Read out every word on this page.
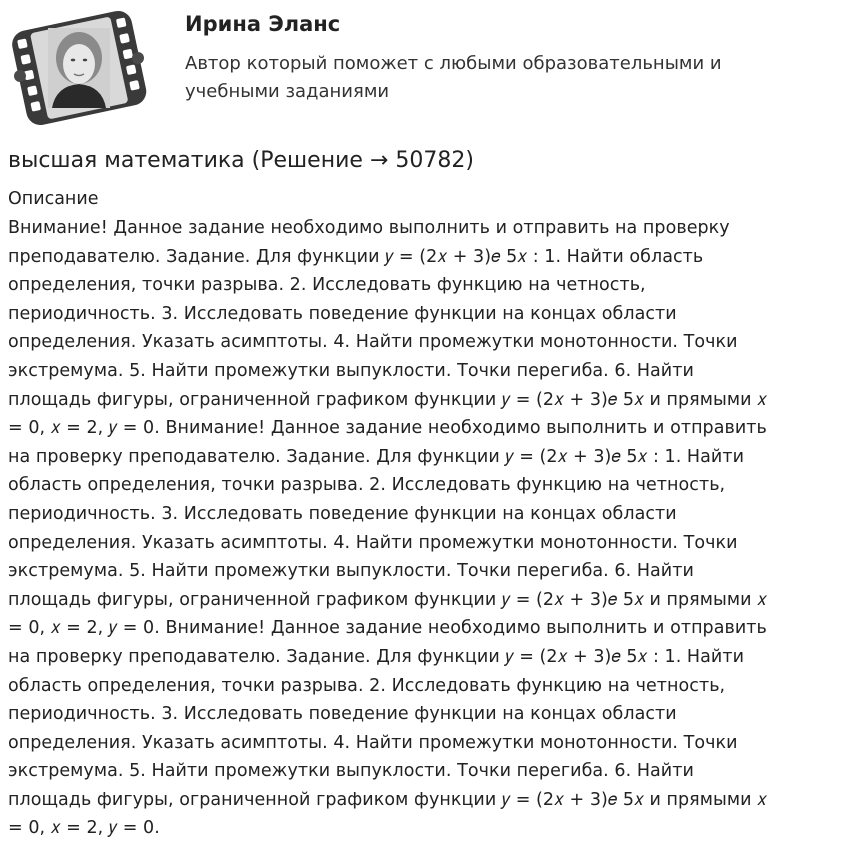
Ирина Эланс
Автор который поможет с любыми образовательными и
учебными заданиями
высшая математика (Решение → 50782)
Описание
Внимание! Данное задание необходимо выполнить и отправить на проверку
преподавателю. Задание. Для функции 𝑦 = (2𝑥 + 3)𝑒 5𝑥 : 1. Найти область
определения, точки разрыва. 2. Исследовать функцию на четность,
периодичность. 3. Исследовать поведение функции на концах области
определения. Указать асимптоты. 4. Найти промежутки монотонности. Точки
экстремума. 5. Найти промежутки выпуклости. Точки перегиба. 6. Найти
площадь фигуры, ограниченной графиком функции 𝑦 = (2𝑥 + 3)𝑒 5𝑥 и прямыми 𝑥
= 0, 𝑥 = 2, 𝑦 = 0. Внимание! Данное задание необходимо выполнить и отправить
на проверку преподавателю. Задание. Для функции 𝑦 = (2𝑥 + 3)𝑒 5𝑥 : 1. Найти
область определения, точки разрыва. 2. Исследовать функцию на четность,
периодичность. 3. Исследовать поведение функции на концах области
определения. Указать асимптоты. 4. Найти промежутки монотонности. Точки
экстремума. 5. Найти промежутки выпуклости. Точки перегиба. 6. Найти
площадь фигуры, ограниченной графиком функции 𝑦 = (2𝑥 + 3)𝑒 5𝑥 и прямыми 𝑥
= 0, 𝑥 = 2, 𝑦 = 0. Внимание! Данное задание необходимо выполнить и отправить
на проверку преподавателю. Задание. Для функции 𝑦 = (2𝑥 + 3)𝑒 5𝑥 : 1. Найти
область определения, точки разрыва. 2. Исследовать функцию на четность,
периодичность. 3. Исследовать поведение функции на концах области
определения. Указать асимптоты. 4. Найти промежутки монотонности. Точки
экстремума. 5. Найти промежутки выпуклости. Точки перегиба. 6. Найти
площадь фигуры, ограниченной графиком функции 𝑦 = (2𝑥 + 3)𝑒 5𝑥 и прямыми 𝑥
= 0, 𝑥 = 2, 𝑦 = 0.
